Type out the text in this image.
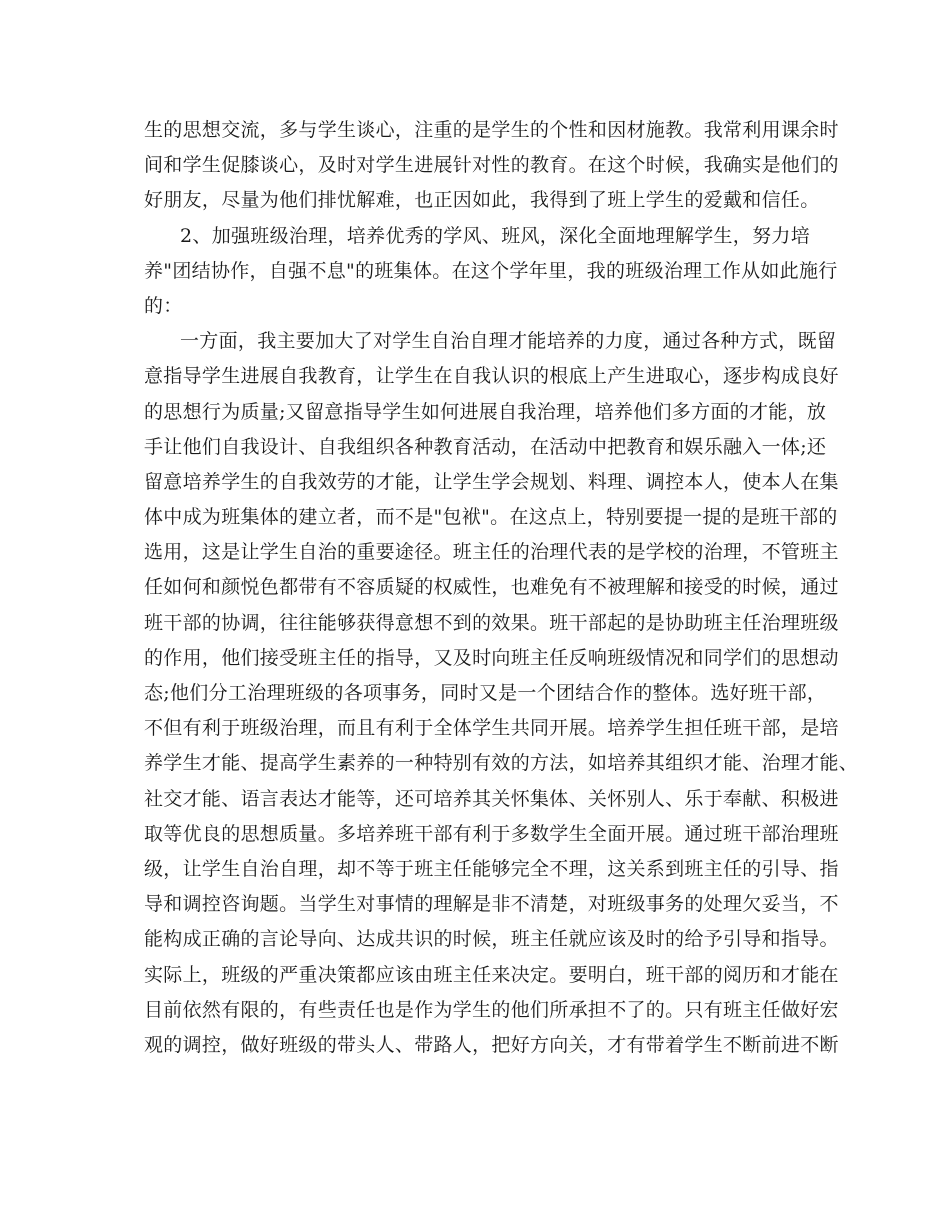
生的思想交流，多与学生谈心，注重的是学生的个性和因材施教。我常利用课余时
间和学生促膝谈心，及时对学生进展针对性的教育。在这个时候，我确实是他们的
好朋友，尽量为他们排忧解难，也正因如此，我得到了班上学生的爱戴和信任。
2、加强班级治理，培养优秀的学风、班风，深化全面地理解学生，努力培
养"团结协作，自强不息"的班集体。在这个学年里，我的班级治理工作从如此施行
的：
一方面，我主要加大了对学生自治自理才能培养的力度，通过各种方式，既留
意指导学生进展自我教育，让学生在自我认识的根底上产生进取心，逐步构成良好
的思想行为质量;又留意指导学生如何进展自我治理，培养他们多方面的才能，放
手让他们自我设计、自我组织各种教育活动，在活动中把教育和娱乐融入一体;还
留意培养学生的自我效劳的才能，让学生学会规划、料理、调控本人，使本人在集
体中成为班集体的建立者，而不是"包袱"。在这点上，特别要提一提的是班干部的
选用，这是让学生自治的重要途径。班主任的治理代表的是学校的治理，不管班主
任如何和颜悦色都带有不容质疑的权威性，也难免有不被理解和接受的时候，通过
班干部的协调，往往能够获得意想不到的效果。班干部起的是协助班主任治理班级
的作用，他们接受班主任的指导，又及时向班主任反响班级情况和同学们的思想动
态;他们分工治理班级的各项事务，同时又是一个团结合作的整体。选好班干部，
不但有利于班级治理，而且有利于全体学生共同开展。培养学生担任班干部，是培
养学生才能、提高学生素养的一种特别有效的方法，如培养其组织才能、治理才能、
社交才能、语言表达才能等，还可培养其关怀集体、关怀别人、乐于奉献、积极进
取等优良的思想质量。多培养班干部有利于多数学生全面开展。通过班干部治理班
级，让学生自治自理，却不等于班主任能够完全不理，这关系到班主任的引导、指
导和调控咨询题。当学生对事情的理解是非不清楚，对班级事务的处理欠妥当，不
能构成正确的言论导向、达成共识的时候，班主任就应该及时的给予引导和指导。
实际上，班级的严重决策都应该由班主任来决定。要明白，班干部的阅历和才能在
目前依然有限的，有些责任也是作为学生的他们所承担不了的。只有班主任做好宏
观的调控，做好班级的带头人、带路人，把好方向关，才有带着学生不断前进不断
